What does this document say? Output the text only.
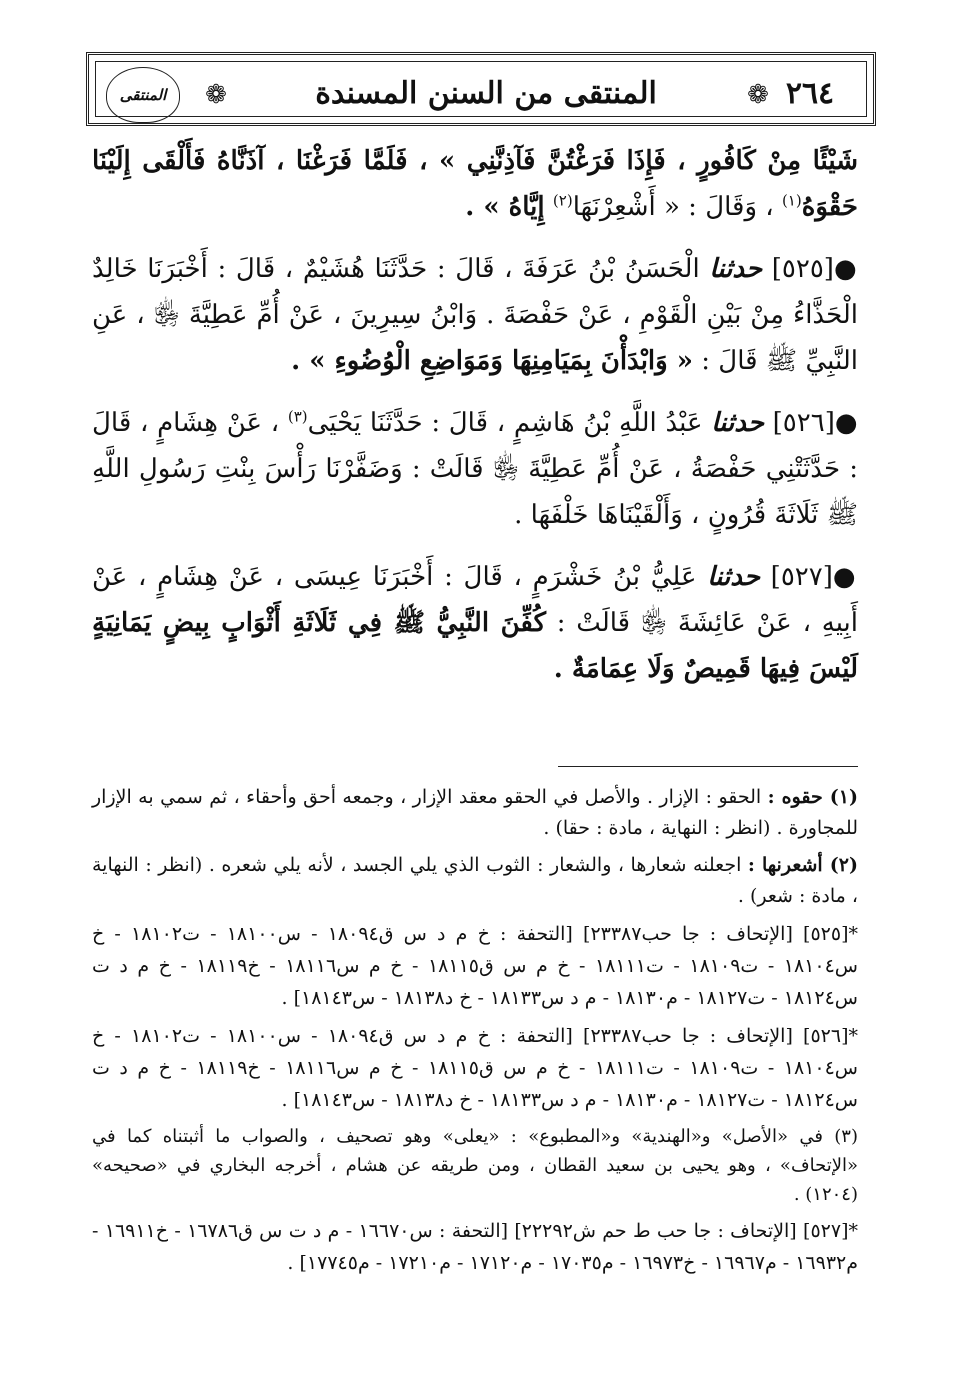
٢٦٤
❁
المنتقى من السنن المسندة
❁
المنتقى

شَيْئًا مِنْ كَافُورٍ ، فَإِذَا فَرَغْتُنَّ فَآذِنَّنِي » ، فَلَمَّا فَرَغْنَا ، آذَنَّاهُ فَأَلْقَى إِلَيْنَا حَقْوَهُ$^{(١)}$ ، وَقَالَ : « أَشْعِرْنَهَا$^{(٢)}$ إِيَّاهُ » .

●[٥٢٥] حدثنا الْحَسَنُ بْنُ عَرَفَةَ ، قَالَ : حَدَّثَنَا هُشَيْمٌ ، قَالَ : أَخْبَرَنَا خَالِدٌ الْحَذَّاءُ مِنْ بَيْنِ الْقَوْمِ ، عَنْ حَفْصَةَ . وَابْنُ سِيرِينَ ، عَنْ أُمِّ عَطِيَّةَ ﵂ ، عَنِ النَّبِيِّ ﷺ قَالَ : « وَابْدَأْنَ بِمَيَامِنِهَا وَمَوَاضِعِ الْوُضُوءِ » .

●[٥٢٦] حدثنا عَبْدُ اللَّهِ بْنُ هَاشِمٍ ، قَالَ : حَدَّثَنَا يَحْيَى$^{(٣)}$ ، عَنْ هِشَامٍ ، قَالَ : حَدَّثَتْنِي حَفْصَةُ ، عَنْ أُمِّ عَطِيَّةَ ﵂ قَالَتْ : وَضَفَّرْنَا رَأْسَ بِنْتِ رَسُولِ اللَّهِ ﷺ ثَلَاثَةَ قُرُونٍ ، وَأَلْقَيْنَاهَا خَلْفَهَا .

●[٥٢٧] حدثنا عَلِيُّ بْنُ خَشْرَمٍ ، قَالَ : أَخْبَرَنَا عِيسَى ، عَنْ هِشَامٍ ، عَنْ أَبِيهِ ، عَنْ عَائِشَةَ ﵂ قَالَتْ : كُفِّنَ النَّبِيُّ ﷺ فِي ثَلَاثَةِ أَثْوَابٍ بِيضٍ يَمَانِيَةٍ لَيْسَ فِيهَا قَمِيصٌ وَلَا عِمَامَةٌ .

(١) حقوه : الحقو : الإزار . والأصل في الحقو معقد الإزار ، وجمعه أحق وأحقاء ، ثم سمي به الإزار للمجاورة . (انظر : النهاية ، مادة : حقا) .

(٢) أشعرنها : اجعلنه شعارها ، والشعار : الثوب الذي يلي الجسد ، لأنه يلي شعره . (انظر : النهاية ، مادة : شعر) .

*[٥٢٥] [الإتحاف : جا حب٢٣٣٨٧] [التحفة : خ م د س ق١٨٠٩٤ - س١٨١٠٠ - ت١٨١٠٢ - خ س١٨١٠٤ - ت١٨١٠٩ - ت١٨١١١ - خ م س ق١٨١١٥ - خ م س١٨١١٦ - خ١٨١١٩ - خ م د ت س١٨١٢٤ - ت١٨١٢٧ - م١٨١٣٠ - م د س١٨١٣٣ - خ د١٨١٣٨ - س١٨١٤٣] .

*[٥٢٦] [الإتحاف : جا حب٢٣٣٨٧] [التحفة : خ م د س ق١٨٠٩٤ - س١٨١٠٠ - ت١٨١٠٢ - خ س١٨١٠٤ - ت١٨١٠٩ - ت١٨١١١ - خ م س ق١٨١١٥ - خ م س١٨١١٦ - خ١٨١١٩ - خ م د ت س١٨١٢٤ - ت١٨١٢٧ - م١٨١٣٠ - م د س١٨١٣٣ - خ د١٨١٣٨ - س١٨١٤٣] .

(٣) في «الأصل» و«الهندية» و«المطبوع» : «يعلى» وهو تصحيف ، والصواب ما أثبتناه كما في «الإتحاف» ، وهو يحيى بن سعيد القطان ، ومن طريقه عن هشام ، أخرجه البخاري في «صحيحه» (١٢٠٤) .

*[٥٢٧] [الإتحاف : جا حب ط حم ش٢٢٢٩٢] [التحفة : س١٦٦٧٠ - م د ت س ق١٦٧٨٦ - خ١٦٩١١ - م١٦٩٣٢ - م١٦٩٦٧ - خ١٦٩٧٣ - م١٧٠٣٥ - م١٧١٢٠ - م١٧٢١٠ - م١٧٧٤٥] .
